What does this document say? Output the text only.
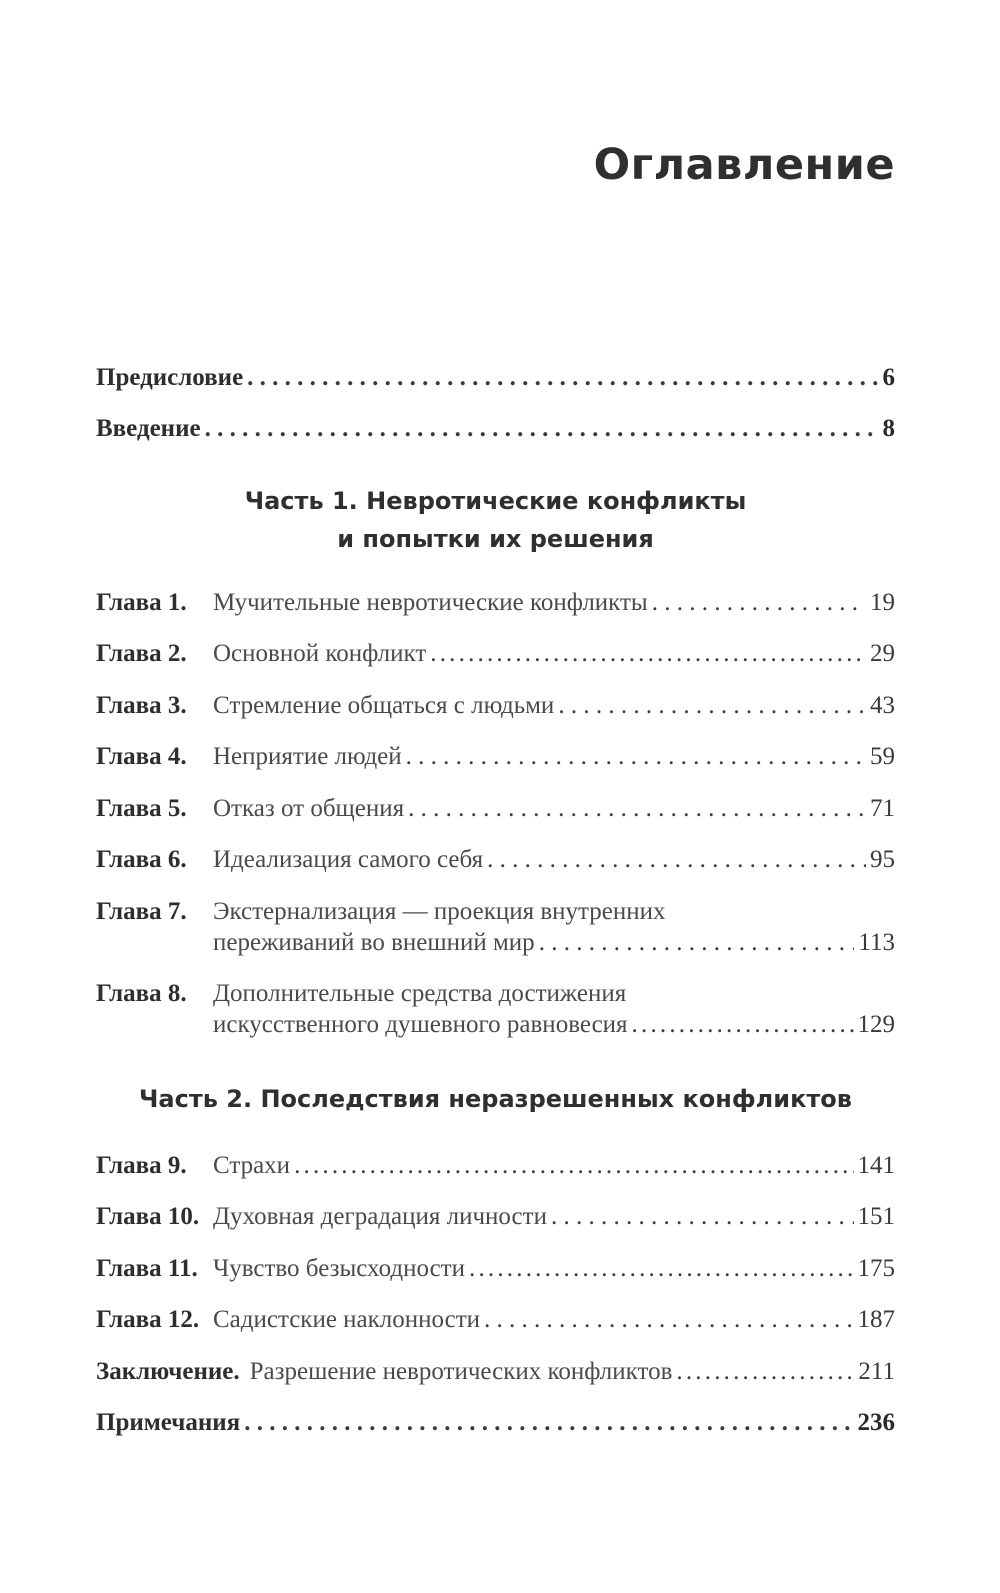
Оглавление
Предисловие . . .	6
Введение . . .	8
Часть 1. Невротические конфликты
и попытки их решения
Глава 1.	Мучительные невротические конфликты . . .	19
Глава 2.	Основной конфликт .....	29
Глава 3.	Стремление общаться с людьми . . .	43
Глава 4.	Неприятие людей . . .	59
Глава 5.	Отказ от общения . . .	71
Глава 6.	Идеализация самого себя . . .	95
Глава 7.	Экстернализация — проекция внутренних
переживаний во внешний мир . . .	113
Глава 8.	Дополнительные средства достижения
искусственного душевного равновесия .....	129
Часть 2. Последствия неразрешенных конфликтов
Глава 9.	Страхи .....	141
Глава 10. Духовная деградация личности . . .	151
Глава 11. Чувство безысходности .....	175
Глава 12. Садистские наклонности . . .	187
Заключение. Разрешение невротических конфликтов .....	211
Примечания . . .	236
